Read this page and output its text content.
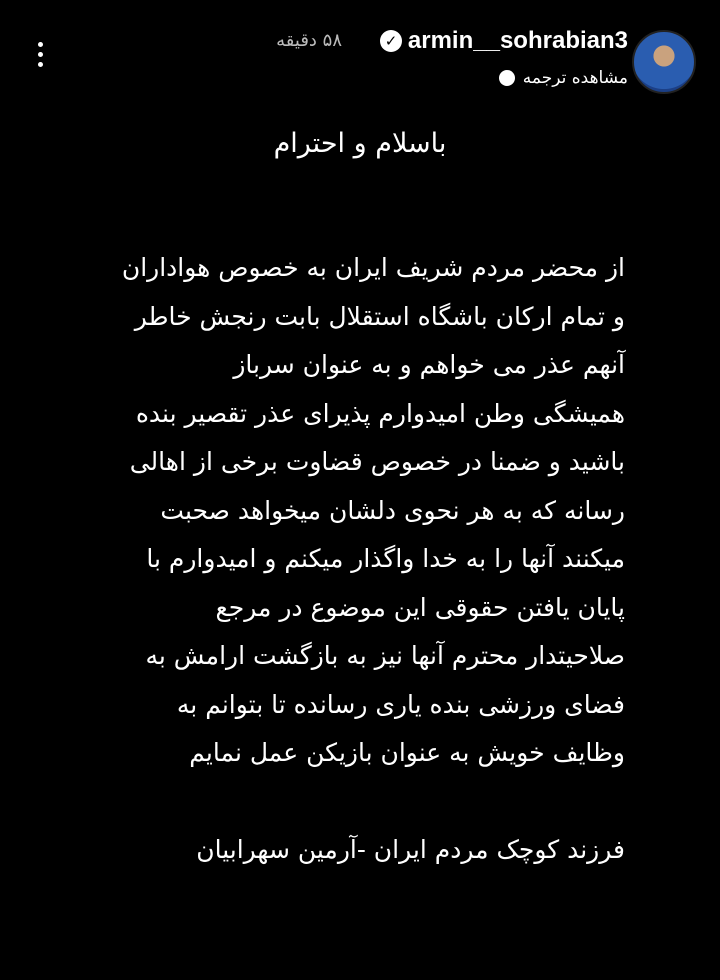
armin__sohrabian3
✓
۵۸ دقیقه
مشاهده ترجمه
باسلام و احترام
از محضر مردم شریف ایران به خصوص هواداران
و تمام ارکان باشگاه استقلال بابت رنجش خاطر
آنهم عذر می خواهم و به عنوان سرباز
همیشگی وطن امیدوارم پذیرای عذر تقصیر بنده
باشید و ضمنا در خصوص قضاوت برخی از اهالی
رسانه که به هر نحوی دلشان میخواهد صحبت
میکنند آنها را به خدا واگذار میکنم و امیدوارم با
پایان یافتن حقوقی این موضوع در مرجع
صلاحیتدار محترم آنها نیز به بازگشت ارامش به
فضای ورزشی بنده یاری رسانده تا بتوانم به
وظایف خویش به عنوان بازیکن عمل نمایم
فرزند کوچک مردم ایران -آرمین سهرابیان
